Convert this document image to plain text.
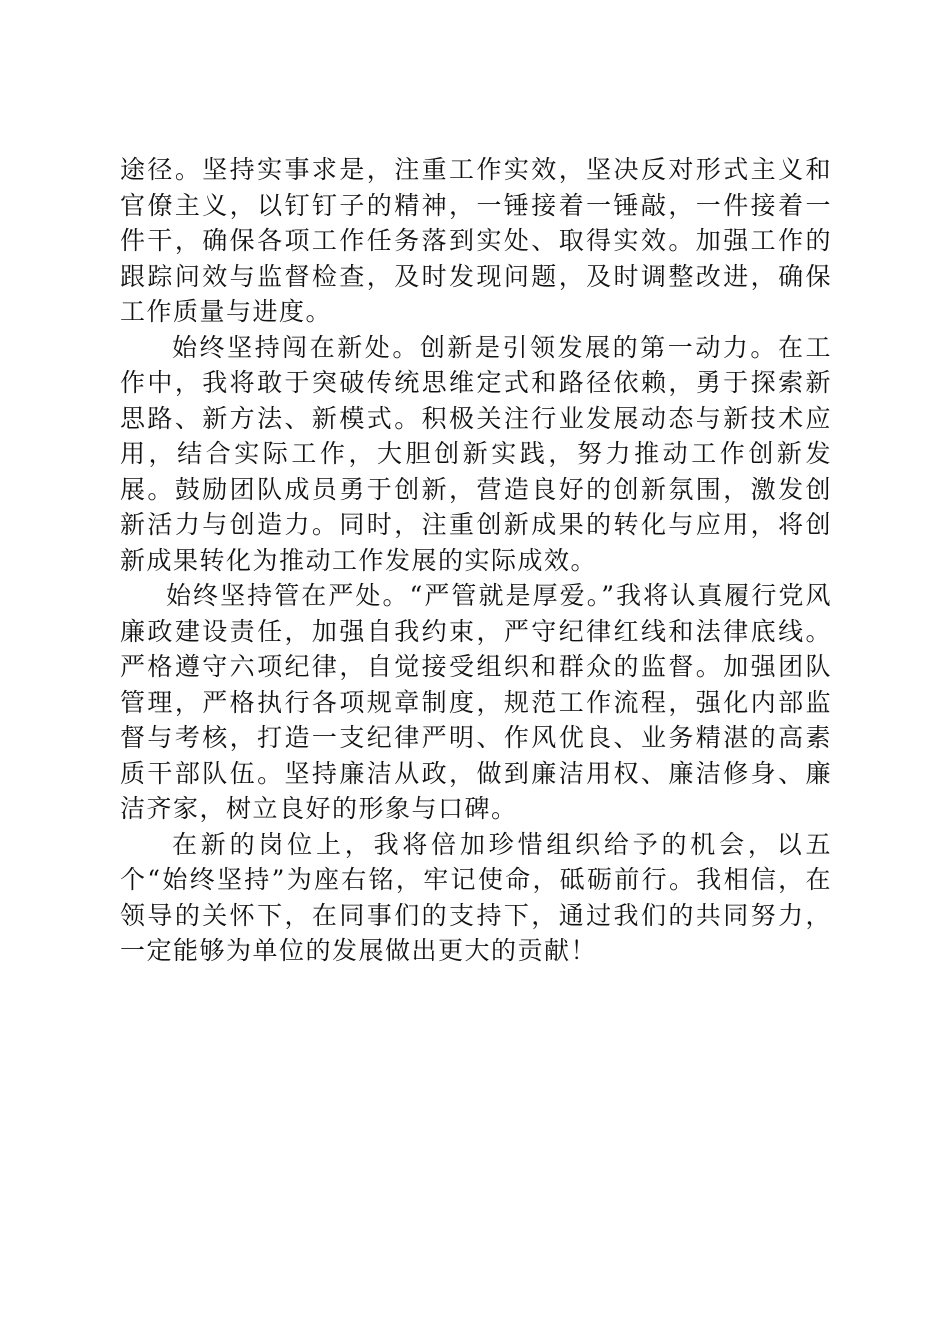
途径。坚持实事求是，注重工作实效，坚决反对形式主义和官僚主义，以钉钉子的精神，一锤接着一锤敲，一件接着一件干，确保各项工作任务落到实处、取得实效。加强工作的跟踪问效与监督检查，及时发现问题，及时调整改进，确保工作质量与进度。

始终坚持闯在新处。创新是引领发展的第一动力。在工作中，我将敢于突破传统思维定式和路径依赖，勇于探索新思路、新方法、新模式。积极关注行业发展动态与新技术应用，结合实际工作，大胆创新实践，努力推动工作创新发展。鼓励团队成员勇于创新，营造良好的创新氛围，激发创新活力与创造力。同时，注重创新成果的转化与应用，将创新成果转化为推动工作发展的实际成效。

始终坚持管在严处。“严管就是厚爱。”我将认真履行党风廉政建设责任，加强自我约束，严守纪律红线和法律底线。严格遵守六项纪律，自觉接受组织和群众的监督。加强团队管理，严格执行各项规章制度，规范工作流程，强化内部监督与考核，打造一支纪律严明、作风优良、业务精湛的高素质干部队伍。坚持廉洁从政，做到廉洁用权、廉洁修身、廉洁齐家，树立良好的形象与口碑。

在新的岗位上，我将倍加珍惜组织给予的机会，以五个“始终坚持”为座右铭，牢记使命，砥砺前行。我相信，在领导的关怀下，在同事们的支持下，通过我们的共同努力，一定能够为单位的发展做出更大的贡献！
